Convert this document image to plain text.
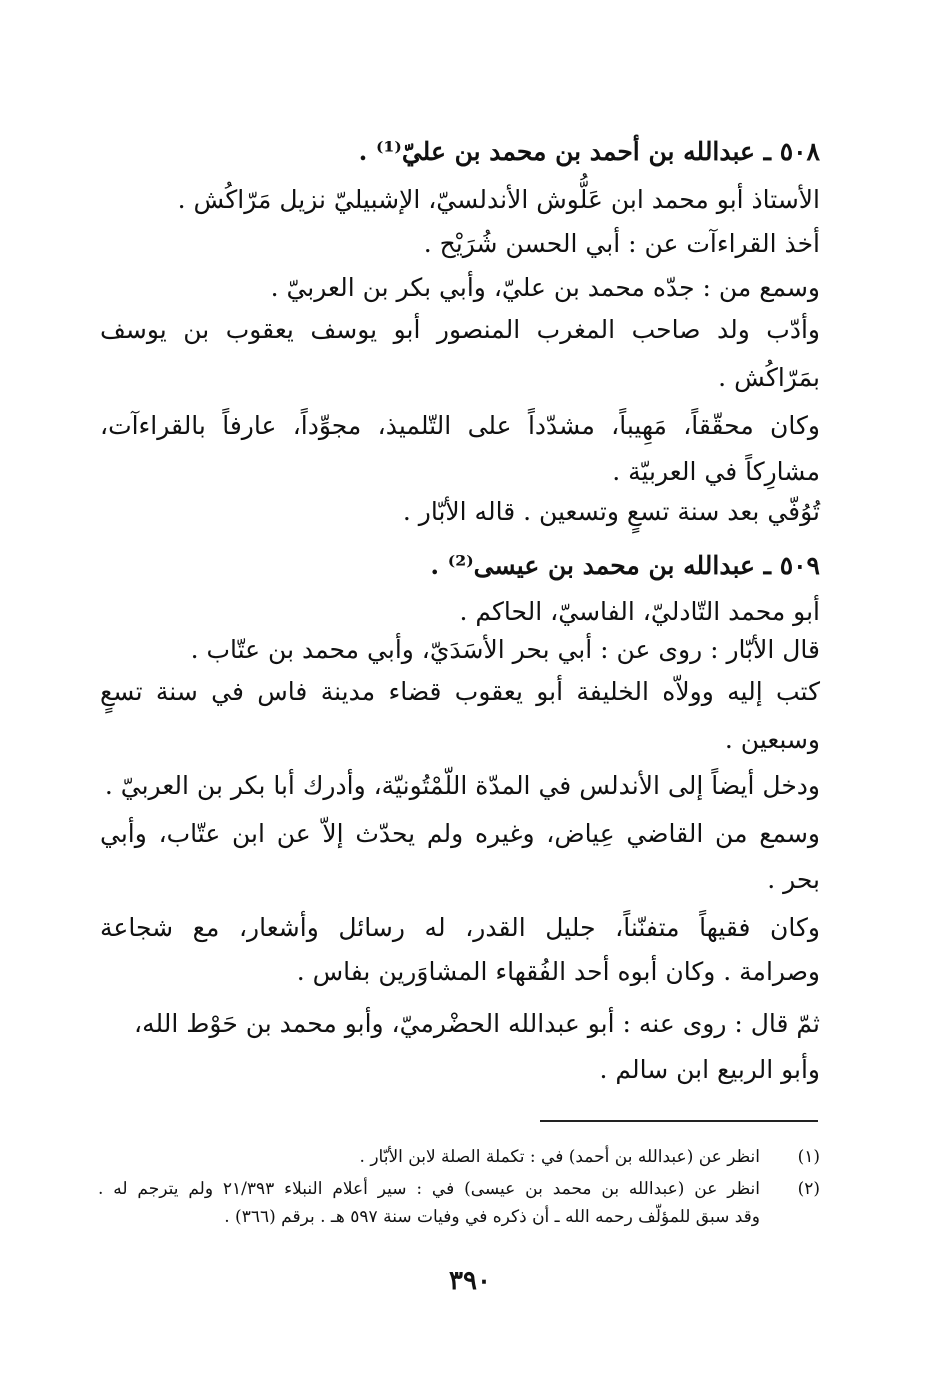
٥٠٨ ـ عبدالله بن أحمد بن محمد بن عليّ⁽¹⁾ .
الأستاذ أبو محمد ابن عَلُّوش الأندلسيّ، الإشبيليّ نزيل مَرّاكُش .
أخذ القراءآت عن : أبي الحسن شُرَيْح .
وسمع من : جدّه محمد بن عليّ، وأبي بكر بن العربيّ .
وأدّب ولد صاحب المغرب المنصور أبو يوسف يعقوب بن يوسف
بمَرّاكُش .
وكان محقّقاً، مَهِيباً، مشدّداً على التّلميذ، مجوِّداً، عارفاً بالقراءآت،
مشارِكاً في العربيّة .
تُوُفّي بعد سنة تسعٍ وتسعين . قاله الأبّار .
٥٠٩ ـ عبدالله بن محمد بن عيسى⁽²⁾ .
أبو محمد التّادليّ، الفاسيّ، الحاكم .
قال الأبّار : روى عن : أبي بحر الأسَدَيّ، وأبي محمد بن عتّاب .
كتب إليه وولاّه الخليفة أبو يعقوب قضاء مدينة فاس في سنة تسعٍ
وسبعين .
ودخل أيضاً إلى الأندلس في المدّة اللّمْتُونيّة، وأدرك أبا بكر بن العربيّ .
وسمع من القاضي عِياض، وغيره ولم يحدّث إلاّ عن ابن عتّاب، وأبي
بحر .
وكان فقيهاً متفنّناً، جليل القدر، له رسائل وأشعار، مع شجاعة
وصرامة . وكان أبوه أحد الفُقهاء المشاوَرين بفاس .
ثمّ قال : روى عنه : أبو عبدالله الحضْرميّ، وأبو محمد بن حَوْط الله،
وأبو الربيع ابن سالم .
(١)
انظر عن (عبدالله بن أحمد) في : تكملة الصلة لابن الأبّار .
(٢)
انظر عن (عبدالله بن محمد بن عيسى) في : سير أعلام النبلاء ٢١/٣٩٣ ولم يترجم له .
وقد سبق للمؤلّف رحمه الله ـ أن ذكره في وفيات سنة ٥٩٧ هـ . برقم (٣٦٦) .
٣٩٠
